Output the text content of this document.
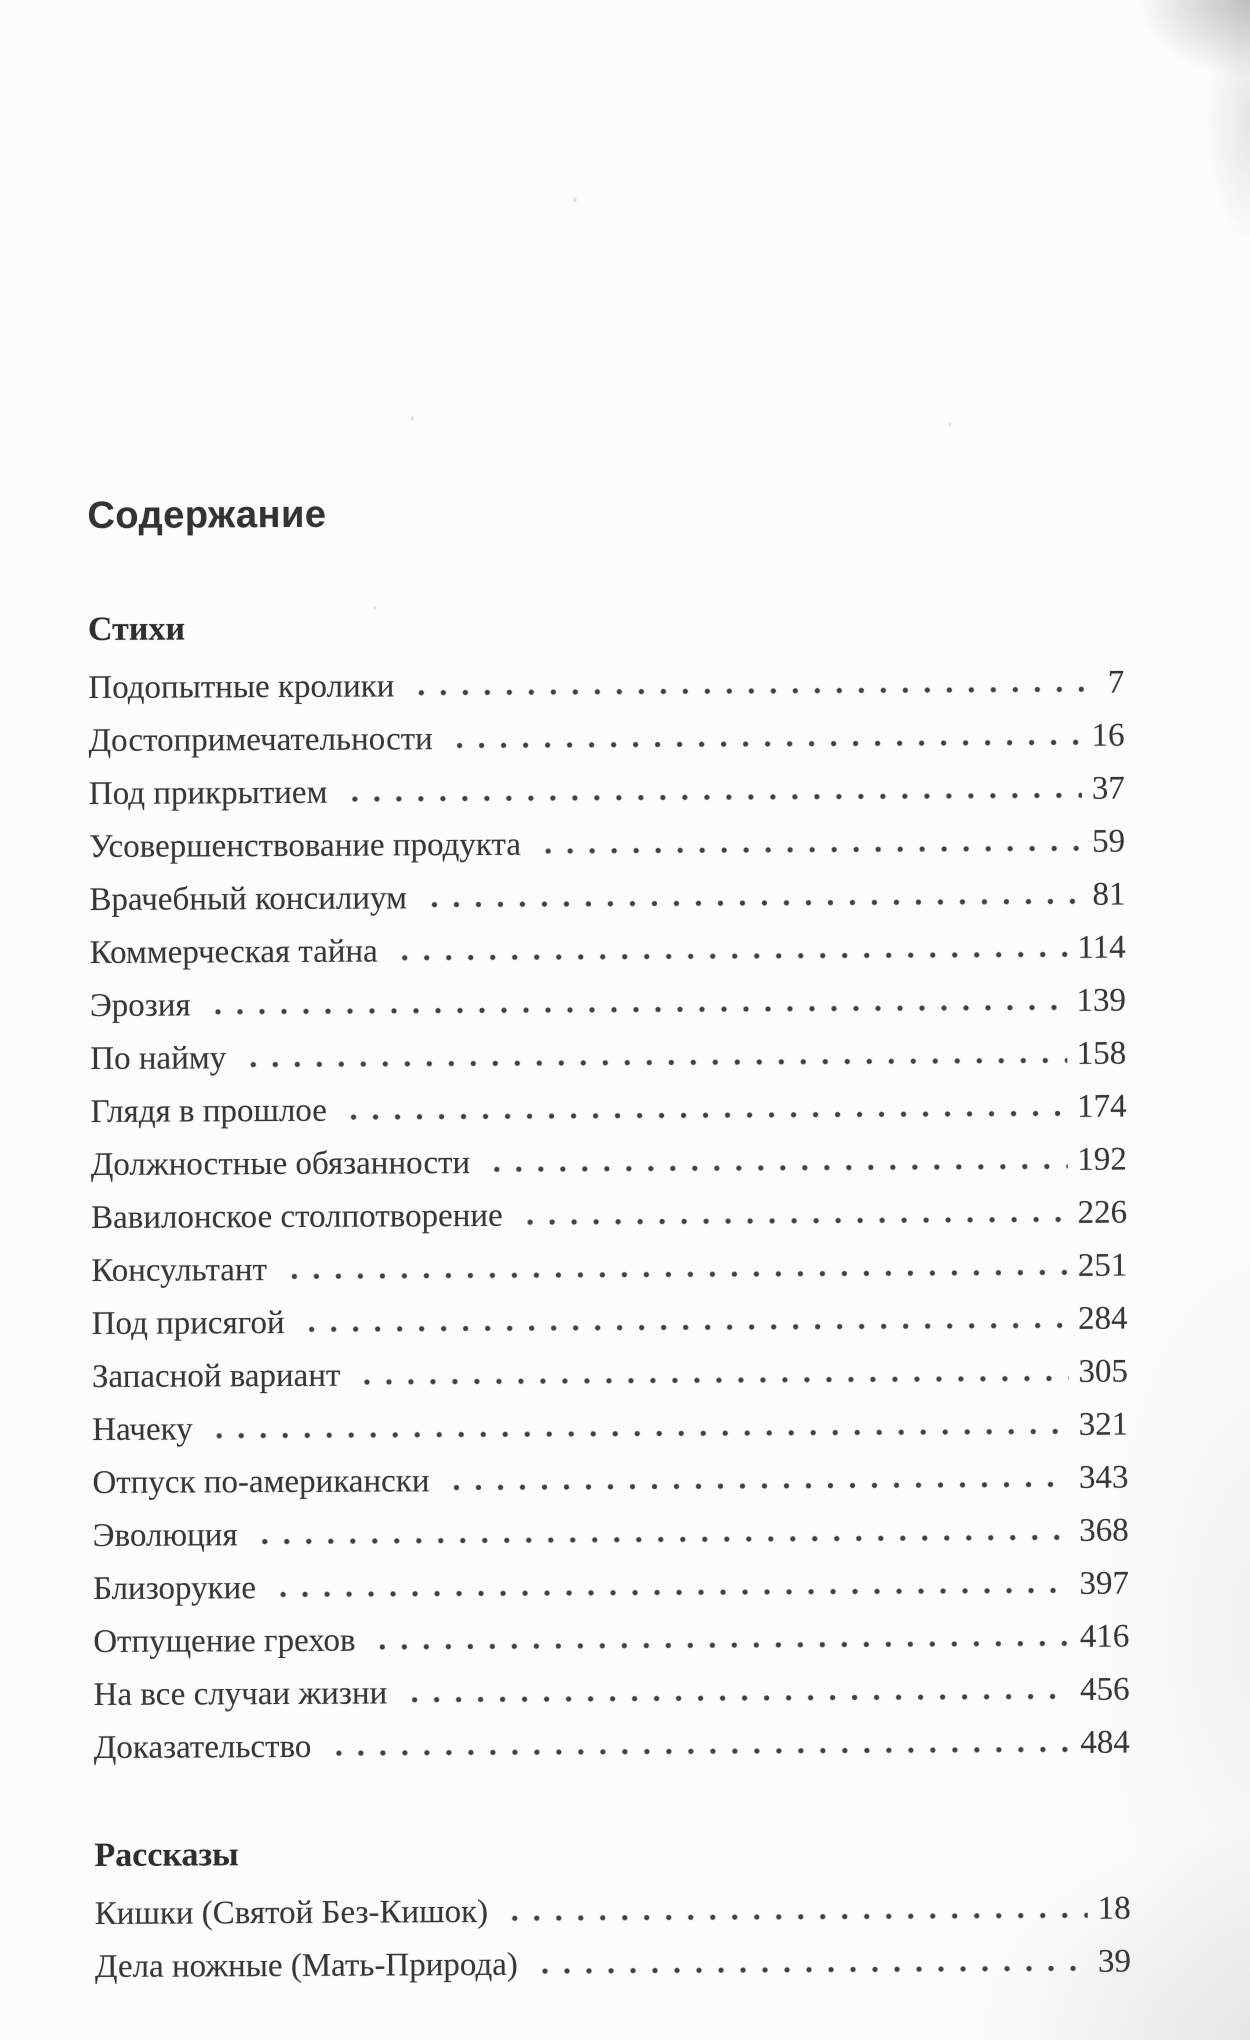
Содержание
Стихи
Подопытные кролики	7
Достопримечательности	16
Под прикрытием	37
Усовершенствование продукта	59
Врачебный консилиум	81
Коммерческая тайна	114
Эрозия	139
По найму	158
Глядя в прошлое	174
Должностные обязанности	192
Вавилонское столпотворение	226
Консультант	251
Под присягой	284
Запасной вариант	305
Начеку	321
Отпуск по-американски	343
Эволюция	368
Близорукие	397
Отпущение грехов	416
На все случаи жизни	456
Доказательство	484
Рассказы
Кишки (Святой Без-Кишок)	18
Дела ножные (Мать-Природа)	39
